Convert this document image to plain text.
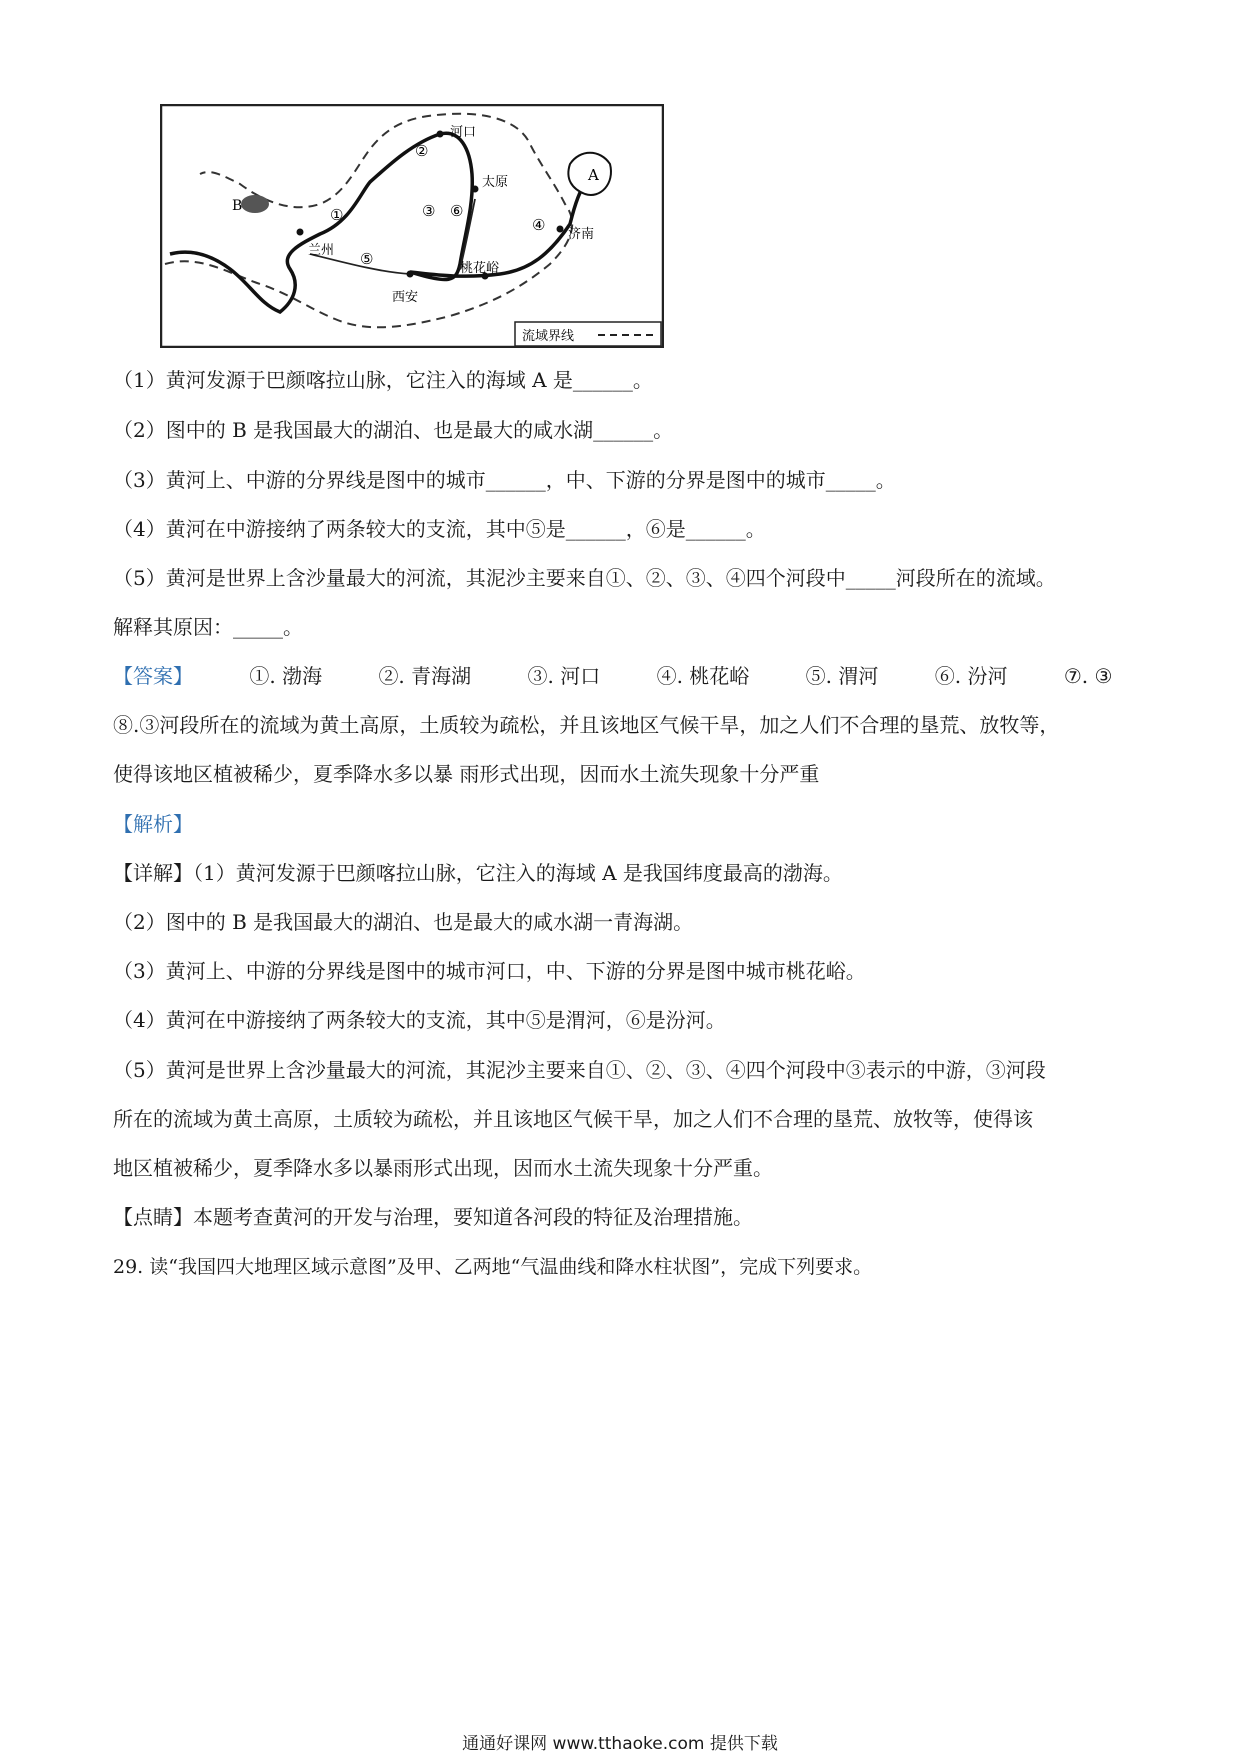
A
B
兰州
西安
太原
济南
河口
桃花峪
①
②
③
④
⑤
⑥
流域界线
（1）黄河发源于巴颜喀拉山脉，它注入的海域 A 是______。
（2）图中的 B 是我国最大的湖泊、也是最大的咸水湖______。
（3）黄河上、中游的分界线是图中的城市______，中、下游的分界是图中的城市_____。
（4）黄河在中游接纳了两条较大的支流，其中⑤是______，⑥是______。
（5）黄河是世界上含沙量最大的河流，其泥沙主要来自①、②、③、④四个河段中_____河段所在的流域。
解释其原因：_____。
【答案】	①. 渤海	②. 青海湖	③. 河口	④. 桃花峪	⑤. 渭河	⑥. 汾河	⑦. ③
⑧.③河段所在的流域为黄土高原，土质较为疏松，并且该地区气候干旱，加之人们不合理的垦荒、放牧等，
使得该地区植被稀少，夏季降水多以暴 雨形式出现，因而水土流失现象十分严重
【解析】
【详解】（1）黄河发源于巴颜喀拉山脉，它注入的海域 A 是我国纬度最高的渤海。
（2）图中的 B 是我国最大的湖泊、也是最大的咸水湖一青海湖。
（3）黄河上、中游的分界线是图中的城市河口，中、下游的分界是图中城市桃花峪。
（4）黄河在中游接纳了两条较大的支流，其中⑤是渭河，⑥是汾河。
（5）黄河是世界上含沙量最大的河流，其泥沙主要来自①、②、③、④四个河段中③表示的中游，③河段
所在的流域为黄土高原，土质较为疏松，并且该地区气候干旱，加之人们不合理的垦荒、放牧等，使得该
地区植被稀少，夏季降水多以暴雨形式出现，因而水土流失现象十分严重。
【点睛】本题考查黄河的开发与治理，要知道各河段的特征及治理措施。
29. 读“我国四大地理区域示意图”及甲、乙两地“气温曲线和降水柱状图”，完成下列要求。
通通好课网 www.tthaoke.com 提供下载
